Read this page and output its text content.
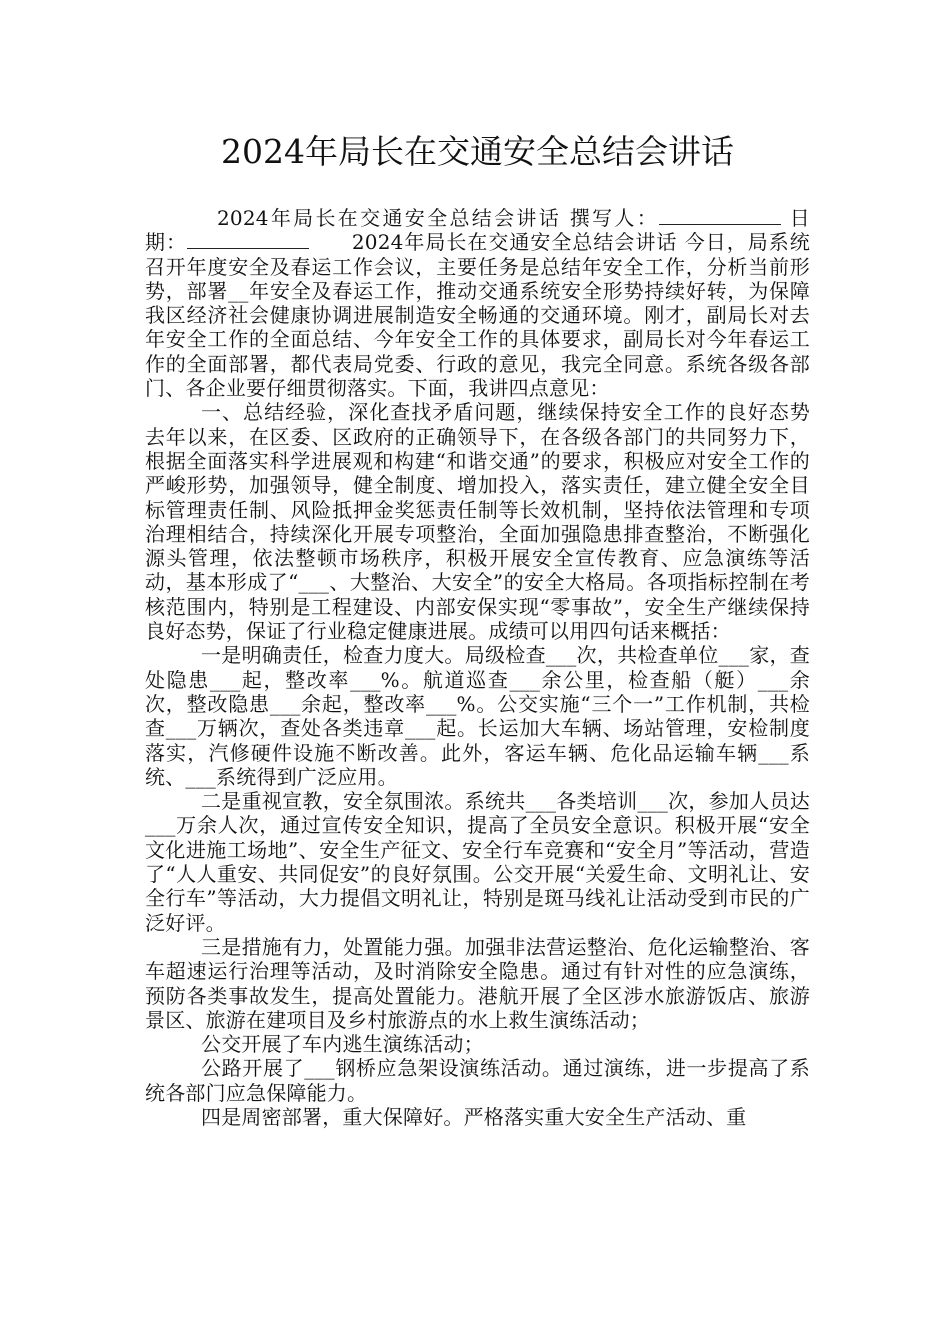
2024年局长在交通安全总结会讲话

2024年局长在交通安全总结会讲话 撰写人：	日　期：　　	2024年局长在交通安全总结会讲话 今日，局系统召开年度安全及春运工作会议，主要任务是总结年安全工作，分析当前形势，部署__年安全及春运工作，推动交通系统安全形势持续好转，为保障我区经济社会健康协调进展制造安全畅通的交通环境。刚才，副局长对去年安全工作的全面总结、今年安全工作的具体要求，副局长对今年春运工作的全面部署，都代表局党委、行政的意见，我完全同意。系统各级各部门、各企业要仔细贯彻落实。下面，我讲四点意见：

一、总结经验，深化查找矛盾问题，继续保持安全工作的良好态势 去年以来，在区委、区政府的正确领导下，在各级各部门的共同努力下，根据全面落实科学进展观和构建“和谐交通”的要求，积极应对安全工作的严峻形势，加强领导，健全制度、增加投入，落实责任，建立健全安全目标管理责任制、风险抵押金奖惩责任制等长效机制，坚持依法管理和专项治理相结合，持续深化开展专项整治，全面加强隐患排查整治，不断强化源头管理，依法整顿市场秩序，积极开展安全宣传教育、应急演练等活动，基本形成了“___、大整治、大安全”的安全大格局。各项指标控制在考核范围内，特别是工程建设、内部安保实现“零事故”，安全生产继续保持良好态势，保证了行业稳定健康进展。成绩可以用四句话来概括：

一是明确责任，检查力度大。局级检查___次，共检查单位___家，查处隐患___起，整改率___%。航道巡查___余公里，检查船（艇）___余次，整改隐患___余起，整改率___%。公交实施“三个一”工作机制，共检查___万辆次，查处各类违章___起。长运加大车辆、场站管理，安检制度落实，汽修硬件设施不断改善。此外，客运车辆、危化品运输车辆___系统、___系统得到广泛应用。

二是重视宣教，安全氛围浓。系统共___各类培训___次，参加人员达___万余人次，通过宣传安全知识，提高了全员安全意识。积极开展“安全文化进施工场地”、安全生产征文、安全行车竞赛和“安全月”等活动，营造了“人人重安、共同促安”的良好氛围。公交开展“关爱生命、文明礼让、安全行车”等活动，大力提倡文明礼让，特别是斑马线礼让活动受到市民的广泛好评。

三是措施有力，处置能力强。加强非法营运整治、危化运输整治、客车超速运行治理等活动，及时消除安全隐患。通过有针对性的应急演练，预防各类事故发生，提高处置能力。港航开展了全区涉水旅游饭店、旅游景区、旅游在建项目及乡村旅游点的水上救生演练活动；

公交开展了车内逃生演练活动；

公路开展了___钢桥应急架设演练活动。通过演练，进一步提高了系统各部门应急保障能力。

四是周密部署，重大保障好。严格落实重大安全生产活动、重
